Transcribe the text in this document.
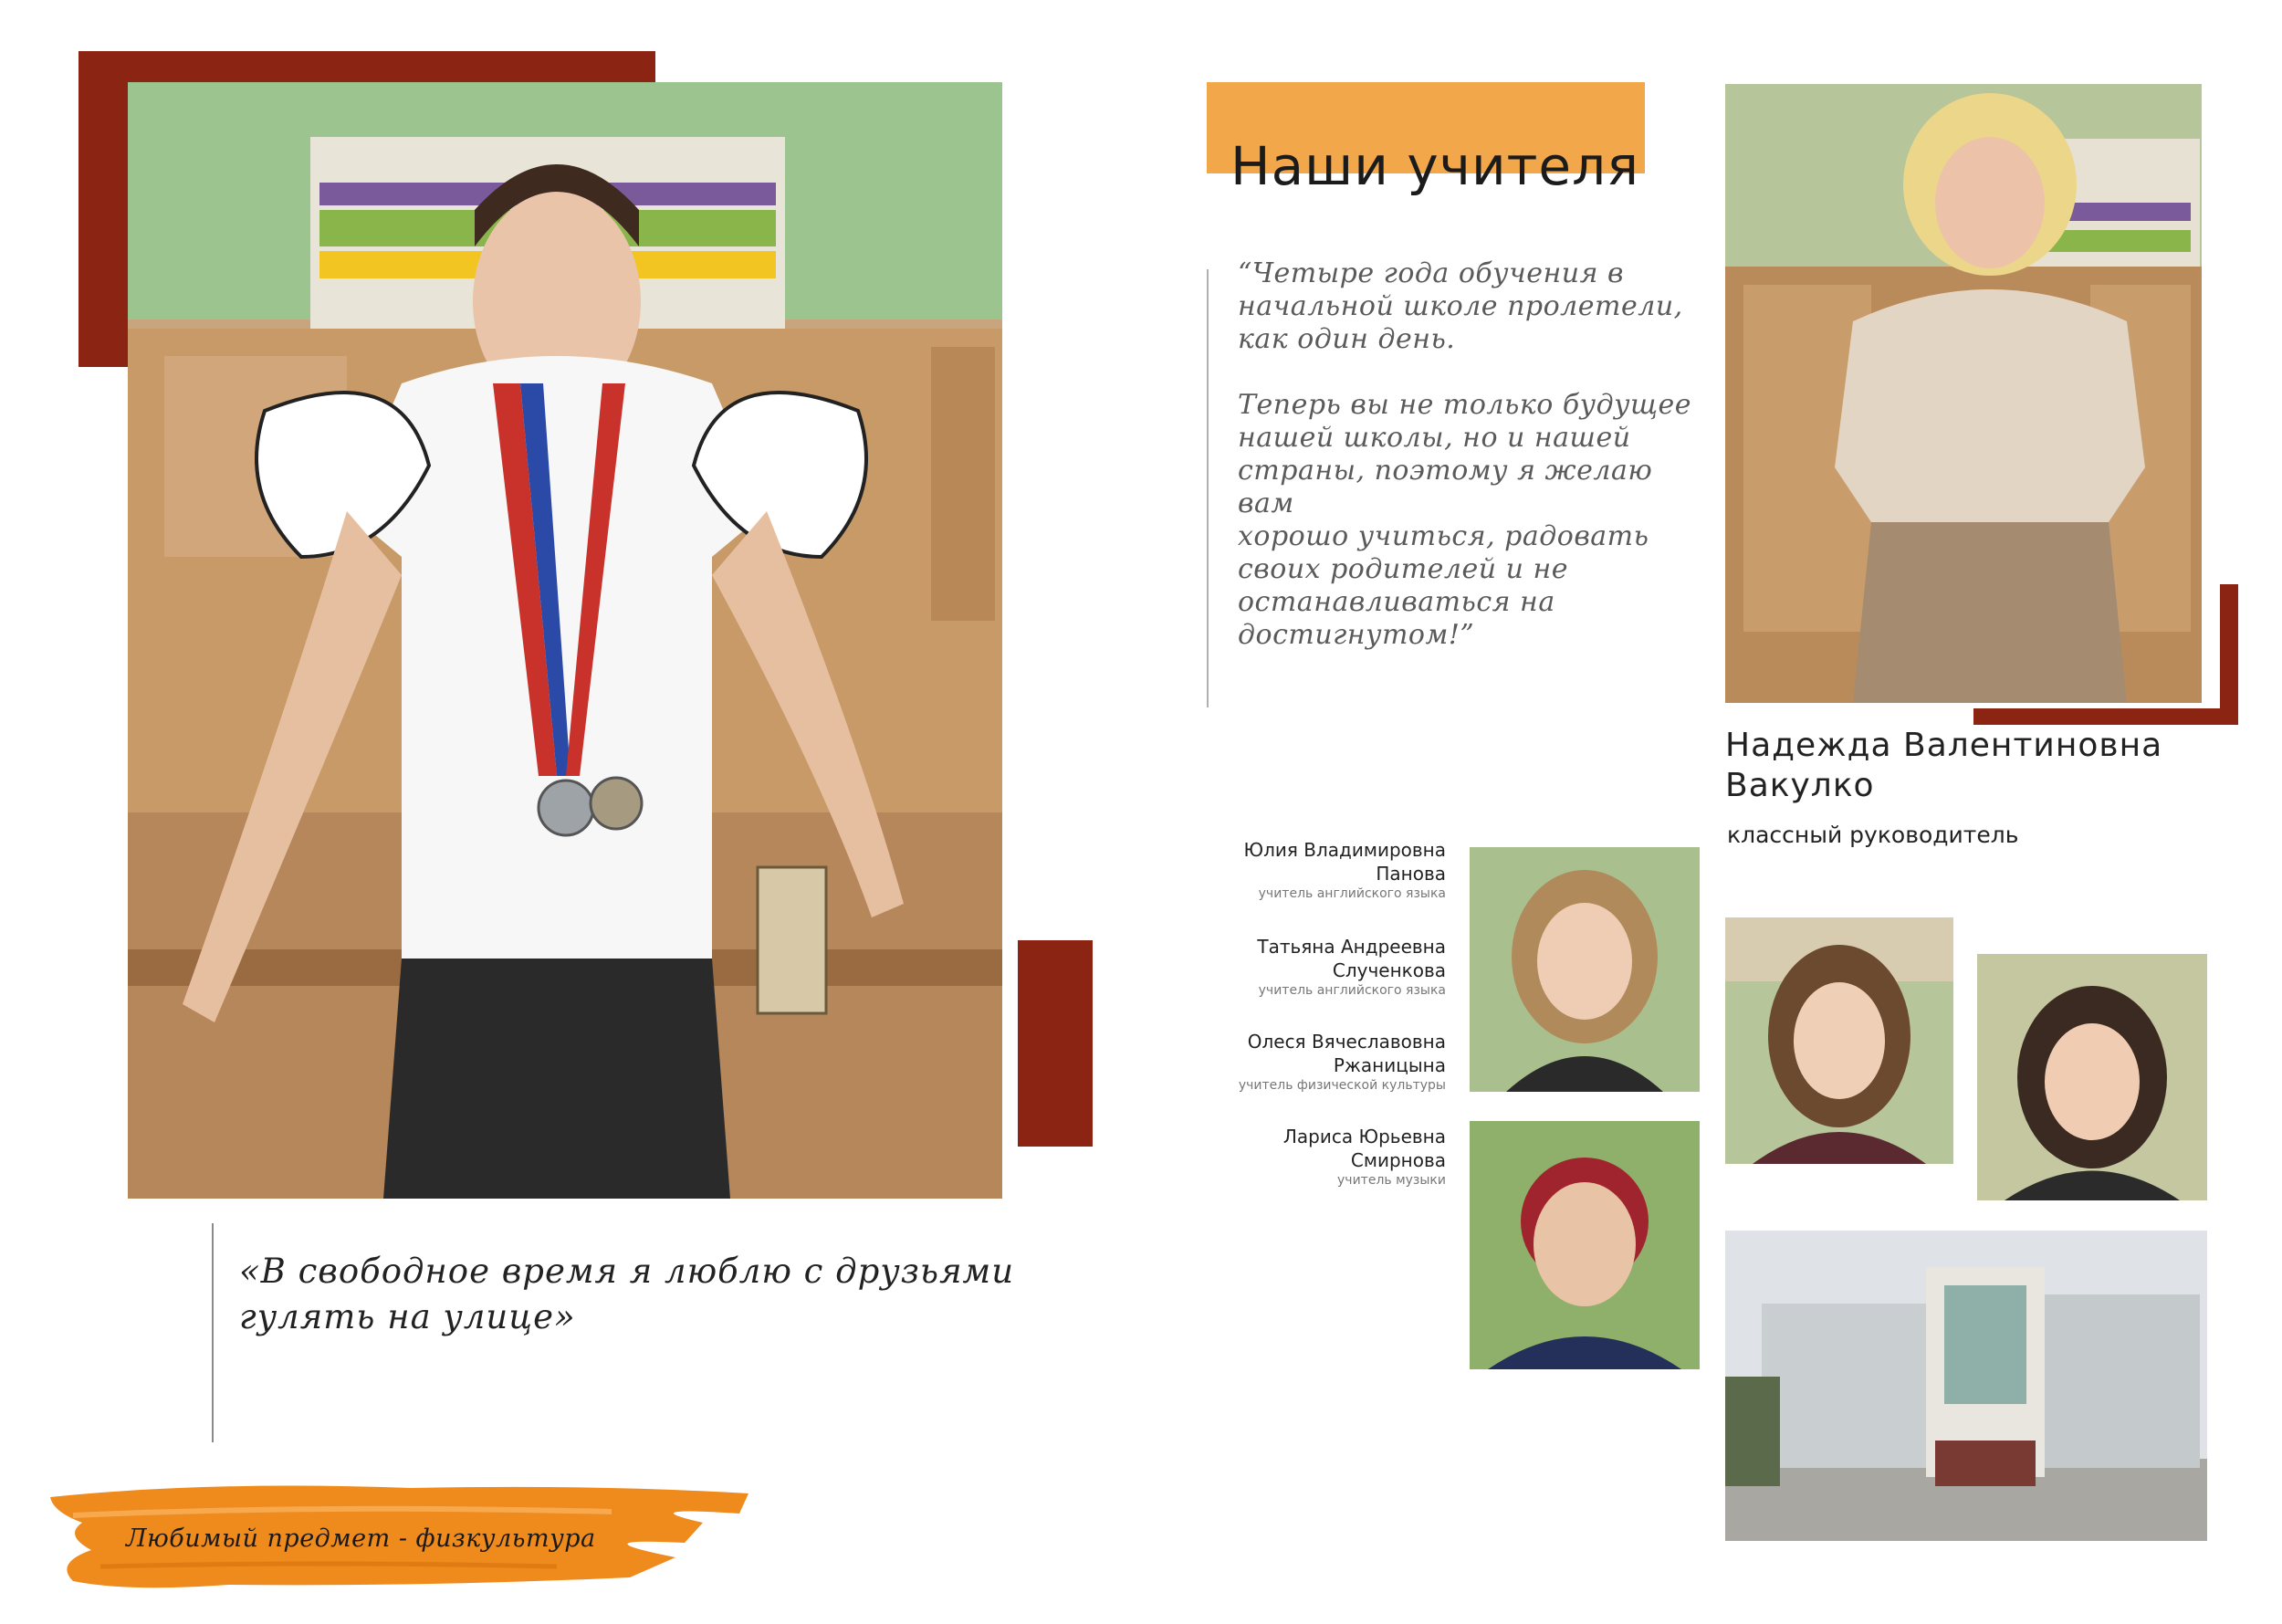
«В свободное время я люблю с друзьями
гулять на улице»
Любимый предмет - физкультура
Наши учителя
“Четыре года обучения в
начальной школе пролетели,
как один день.

Теперь вы не только будущее
нашей школы, но и нашей
страны, поэтому я желаю вам
хорошо учиться, радовать
своих родителей и не
останавливаться на
достигнутом!”
Надежда Валентиновна
Вакулко
классный руководитель
Юлия Владимировна
Панова
учитель английского языка
Татьяна Андреевна
Слученкова
учитель английского языка
Олеся Вячеславовна
Ржаницына
учитель физической культуры
Лариса Юрьевна
Смирнова
учитель музыки
